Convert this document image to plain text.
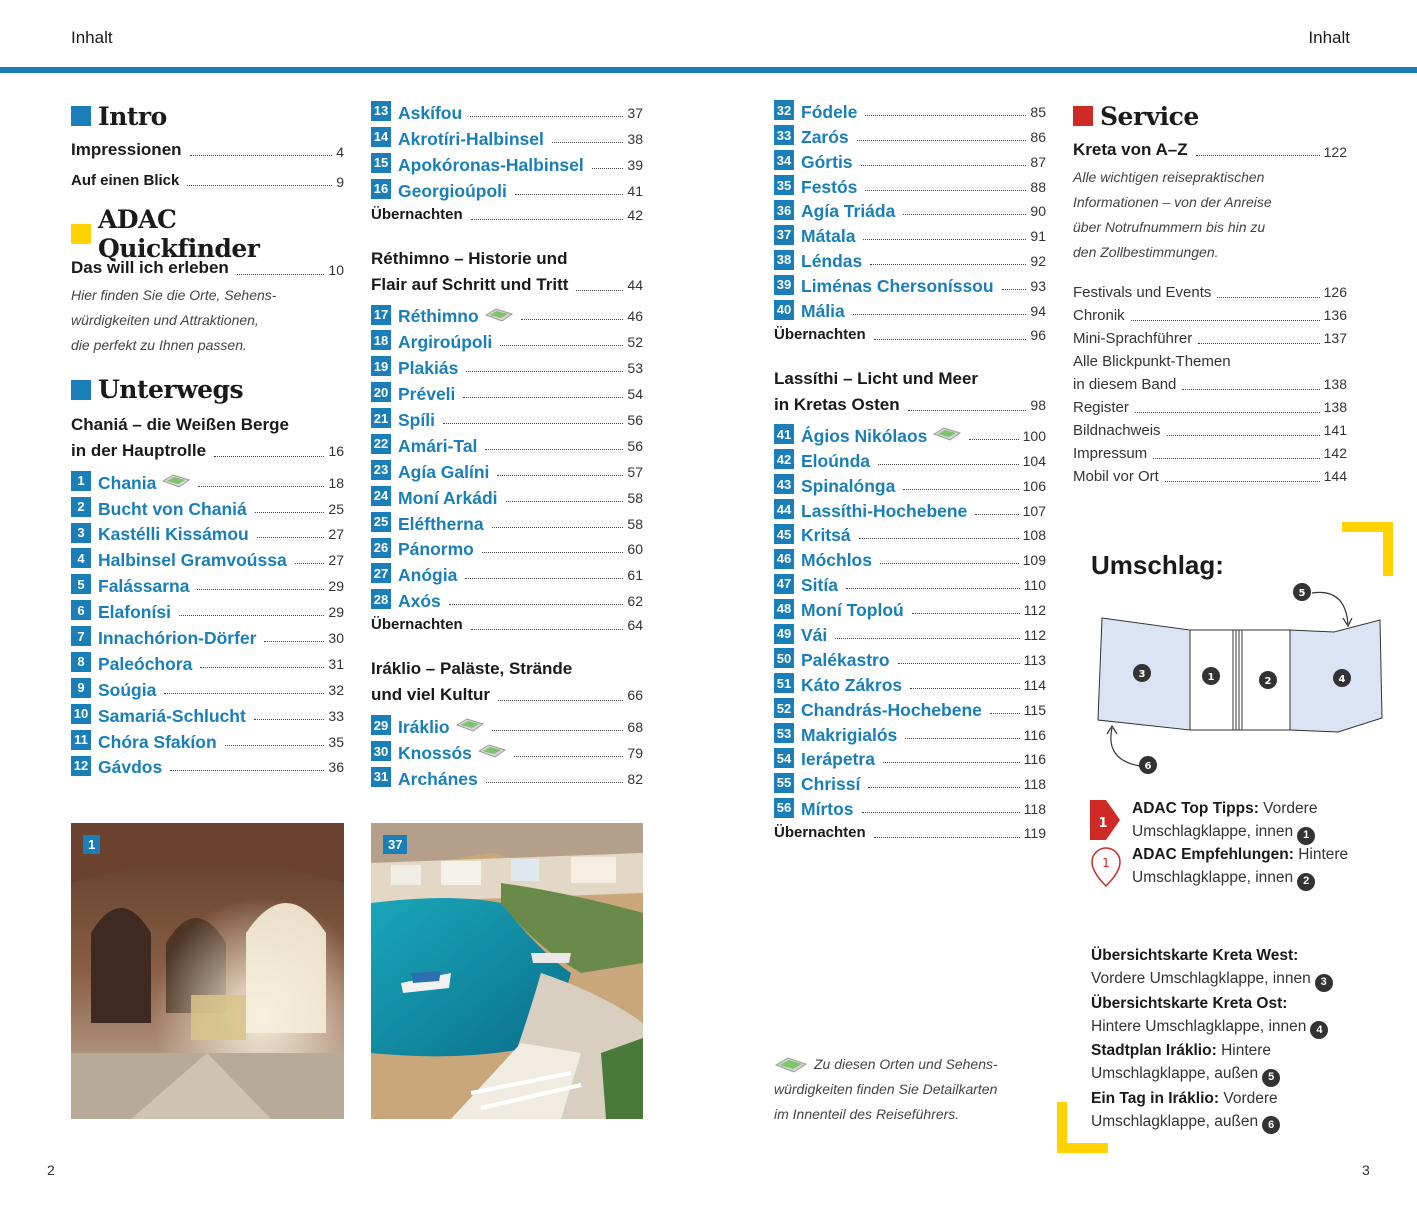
Inhalt	Inhalt
Intro
Impressionen	4
Auf einen Blick	9
ADAC Quickfinder
Das will ich erleben	10
Hier finden Sie die Orte, Sehens-
würdigkeiten und Attraktionen,
die perfekt zu Ihnen passen.
Unterwegs
Chaniá – die Weißen Berge
in der Hauptrolle	16
1 Chania	18
2 Bucht von Chaniá	25
3 Kastélli Kissámou	27
4 Halbinsel Gramvoússa	27
5 Falássarna	29
6 Elafonísi	29
7 Innachórion-Dörfer	30
8 Paleóchora	31
9 Soúgia	32
10 Samariá-Schlucht	33
11 Chóra Sfakíon	35
12 Gávdos	36
1
13 Askífou	37
14 Akrotíri-Halbinsel	38
15 Apokóronas-Halbinsel	39
16 Georgioúpoli	41
Übernachten	42
Réthimno – Historie und
Flair auf Schritt und Tritt	44
17 Réthimno	46
18 Argiroúpoli	52
19 Plakiás	53
20 Préveli	54
21 Spíli	56
22 Amári-Tal	56
23 Agía Galíni	57
24 Moní Arkádi	58
25 Eléftherna	58
26 Pánormo	60
27 Anógia	61
28 Axós	62
Übernachten	64
Iráklio – Paläste, Strände
und viel Kultur	66
29 Iráklio	68
30 Knossós	79
31 Archánes	82
37
32 Fódele	85
33 Zarós	86
34 Górtis	87
35 Festós	88
36 Agía Triáda	90
37 Mátala	91
38 Léndas	92
39 Liménas Chersoníssou	93
40 Mália	94
Übernachten	96
Lassíthi – Licht und Meer
in Kretas Osten	98
41 Ágios Nikólaos	100
42 Eloúnda	104
43 Spinalónga	106
44 Lassíthi-Hochebene	107
45 Kritsá	108
46 Móchlos	109
47 Sitía	110
48 Moní Toploú	112
49 Vái	112
50 Palékastro	113
51 Káto Zákros	114
52 Chandrás-Hochebene	115
53 Makrigialós	116
54 Ierápetra	116
55 Chrissí	118
56 Mírtos	118
Übernachten	119
Zu diesen Orten und Sehens-
würdigkeiten finden Sie Detailkarten
im Innenteil des Reiseführers.
Service
Kreta von A–Z	122
Alle wichtigen reisepraktischen
Informationen – von der Anreise
über Notrufnummern bis hin zu
den Zollbestimmungen.
Festivals und Events	126
Chronik	136
Mini-Sprachführer	137
Alle Blickpunkt-Themen
in diesem Band	138
Register	138
Bildnachweis	141
Impressum	142
Mobil vor Ort	144
Umschlag:
3	1	2	4
5
6
1
ADAC Top Tipps: Vordere
Umschlagklappe, innen 1
1 ADAC Empfehlungen: Hintere
Umschlagklappe, innen 2
Übersichtskarte Kreta West:
Vordere Umschlagklappe, innen 3
Übersichtskarte Kreta Ost:
Hintere Umschlagklappe, innen 4
Stadtplan Iráklio: Hintere
Umschlagklappe, außen 5
Ein Tag in Iráklio: Vordere
Umschlagklappe, außen 6
2	3
